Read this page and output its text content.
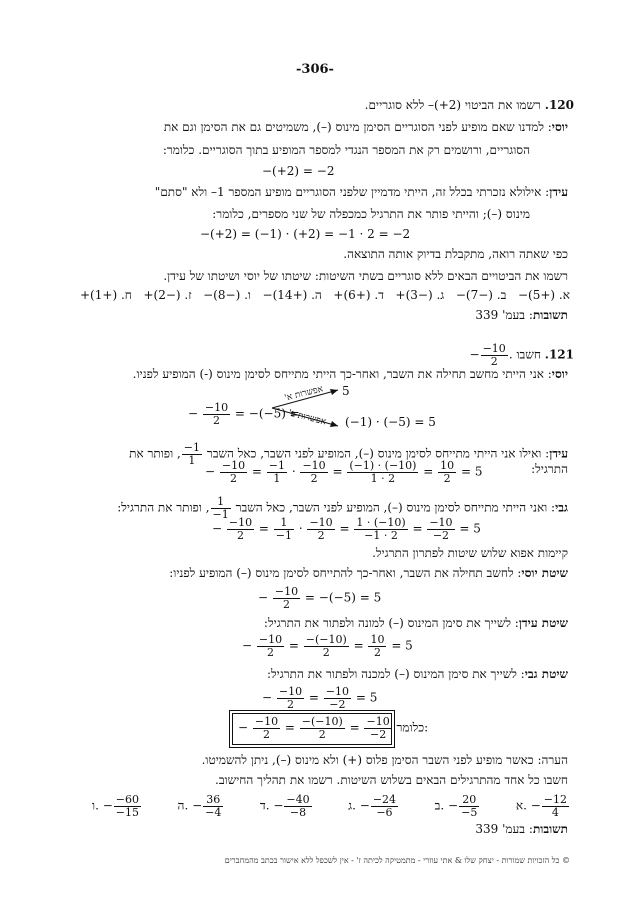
-306-
120. רשמו את הביטוי (2+)– ללא סוגריים.
יוסי: למדנו שאם מופיע לפני הסוגריים הסימן מינוס (–), משמיטים גם את הסימן וגם את
הסוגריים, ורושמים רק את המספר הנגדי למספר המופיע בתוך הסוגריים. כלומר:
−(+2) = −2
עידן: אילולא נזכרתי בכלל זה, הייתי מדמיין שלפני הסוגריים מופיע המספר 1– ולא "סתם"
מינוס (–); והייתי פותר את התרגיל כמכפלה של שני מספרים, כלומר:
−(+2) = (−1) · (+2) = −1 · 2 = −2
כפי שאתה רואה, מתקבלת בדיוק אותה התוצאה.
רשמו את הביטויים הבאים ללא סוגריים בשתי השיטות: שיטתו של יוסי ושיטתו של עידן.
א. (+5)−
ב. (−7)−
ג. (−3)+
ד. (+6)+
ה. (+14)−
ו. (−8)−
ז. (−2)+
ח. (+1)+
תשובות: בעמ' 339
121. חשבו − $\frac{-10}{2}$ .
יוסי: אני הייתי מחשב תחילה את השבר, ואחר-כך הייתי מתייחס לסימן מינוס (-) המופיע לפניו.
− $\frac{-10}{2} = -(-5)$ =
אפשרות א'
אפשרות ב'
5
(−1) · (−5) = 5
עידן: ואילו אני הייתי מתייחס לסימן מינוס (–), המופיע לפני השבר, כאל השבר
$\frac{1-}{1}$
, ופותר את
התרגיל:
− $\frac{-10}{2} = \frac{-1}{1} \cdot \frac{-10}{2} = \frac{(-1) \cdot (-10)}{1 \cdot 2} = \frac{10}{2} = 5$
גבי: ואני הייתי מתייחס לסימן מינוס (–), המופיע לפני השבר, כאל השבר
$\frac{1}{1-}$
, ופותר את התרגיל:
− $\frac{-10}{2} = \frac{1}{-1} \cdot \frac{-10}{2} = \frac{1 \cdot (-10)}{-1 \cdot 2} = \frac{-10}{-2} = 5$
קיימות אפוא שלוש שיטות לפתרון התרגיל.
שיטת יוסי: לחשב תחילה את השבר, ואחר-כך להתייחס לסימן מינוס (–) המופיע לפניו:
− $\frac{-10}{2} = -(-5) = 5$
שיטת עידן: לשייך את סימן המינוס (–) למונה ולפתור את התרגיל:
− $\frac{-10}{2} = \frac{-(-10)}{2} = \frac{10}{2} = 5$
שיטת גבי: לשייך את סימן המינוס (–) למכנה ולפתור את התרגיל:
− $\frac{-10}{2} = \frac{-10}{-2} = 5$
− $\frac{-10}{2} = \frac{-(-10)}{2} = \frac{-10}{-2}$ כלומר:
הערה: כאשר מופיע לפני השבר הסימן פלוס (+) ולא מינוס (–), ניתן להשמיטו.
חשבו כל אחד מהתרגילים הבאים בשלוש השיטות. רשמו את תהליך החישוב.
א. − $\frac{-12}{4}$
ב. − $\frac{20}{-5}$
ג. − $\frac{-24}{-6}$
ד. − $\frac{-40}{-8}$
ה. − $\frac{36}{-4}$
ו. − $\frac{-60}{-15}$
תשובות: בעמ' 339
© כל הזכויות שמורות - יצחק שלו & אתי עוזרי - מתמטיקה לכיתה ז' - אין לשכפל ללא אישור בכתב מהמחברים
